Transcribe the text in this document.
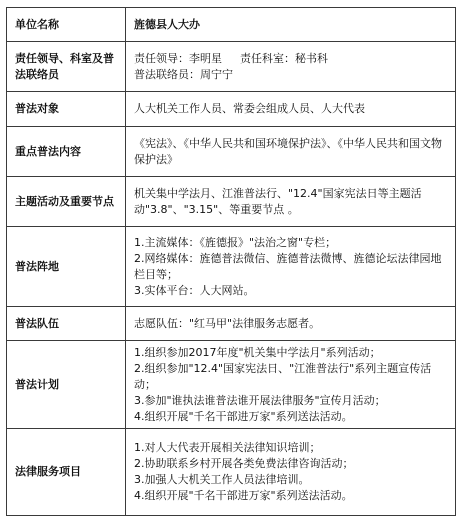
单位名称	旌德县人大办
责任领导、科室及普法联络员	责任领导：李明星 责任科室：秘书科
普法联络员：周宁宁

普法对象	人大机关工作人员、常委会组成人员、人大代表

重点普法内容	《宪法》、《中华人民共和国环境保护法》、《中华人民共和国文物保护法》

主题活动及重要节点	机关集中学法月、江淮普法行、"12.4"国家宪法日等主题活动"3.8"、"3.15"、等重要节点 。

普法阵地	1.主流媒体：《旌德报》"法治之窗"专栏；
2.网络媒体：旌德普法微信、旌德普法微博、旌德论坛法律园地栏目等；
3.实体平台：人大网站。

普法队伍	志愿队伍："红马甲"法律服务志愿者。

普法计划	1.组织参加2017年度"机关集中学法月"系列活动；
2.组织参加"12.4"国家宪法日、"江淮普法行"系列主题宣传活动；
3.参加"谁执法谁普法谁开展法律服务"宣传月活动；
4.组织开展"千名干部进万家"系列送法活动。

法律服务项目	1.对人大代表开展相关法律知识培训；
2.协助联系乡村开展各类免费法律咨询活动；
3.加强人大机关工作人员法律培训。
4.组织开展"千名干部进万家"系列送法活动。
